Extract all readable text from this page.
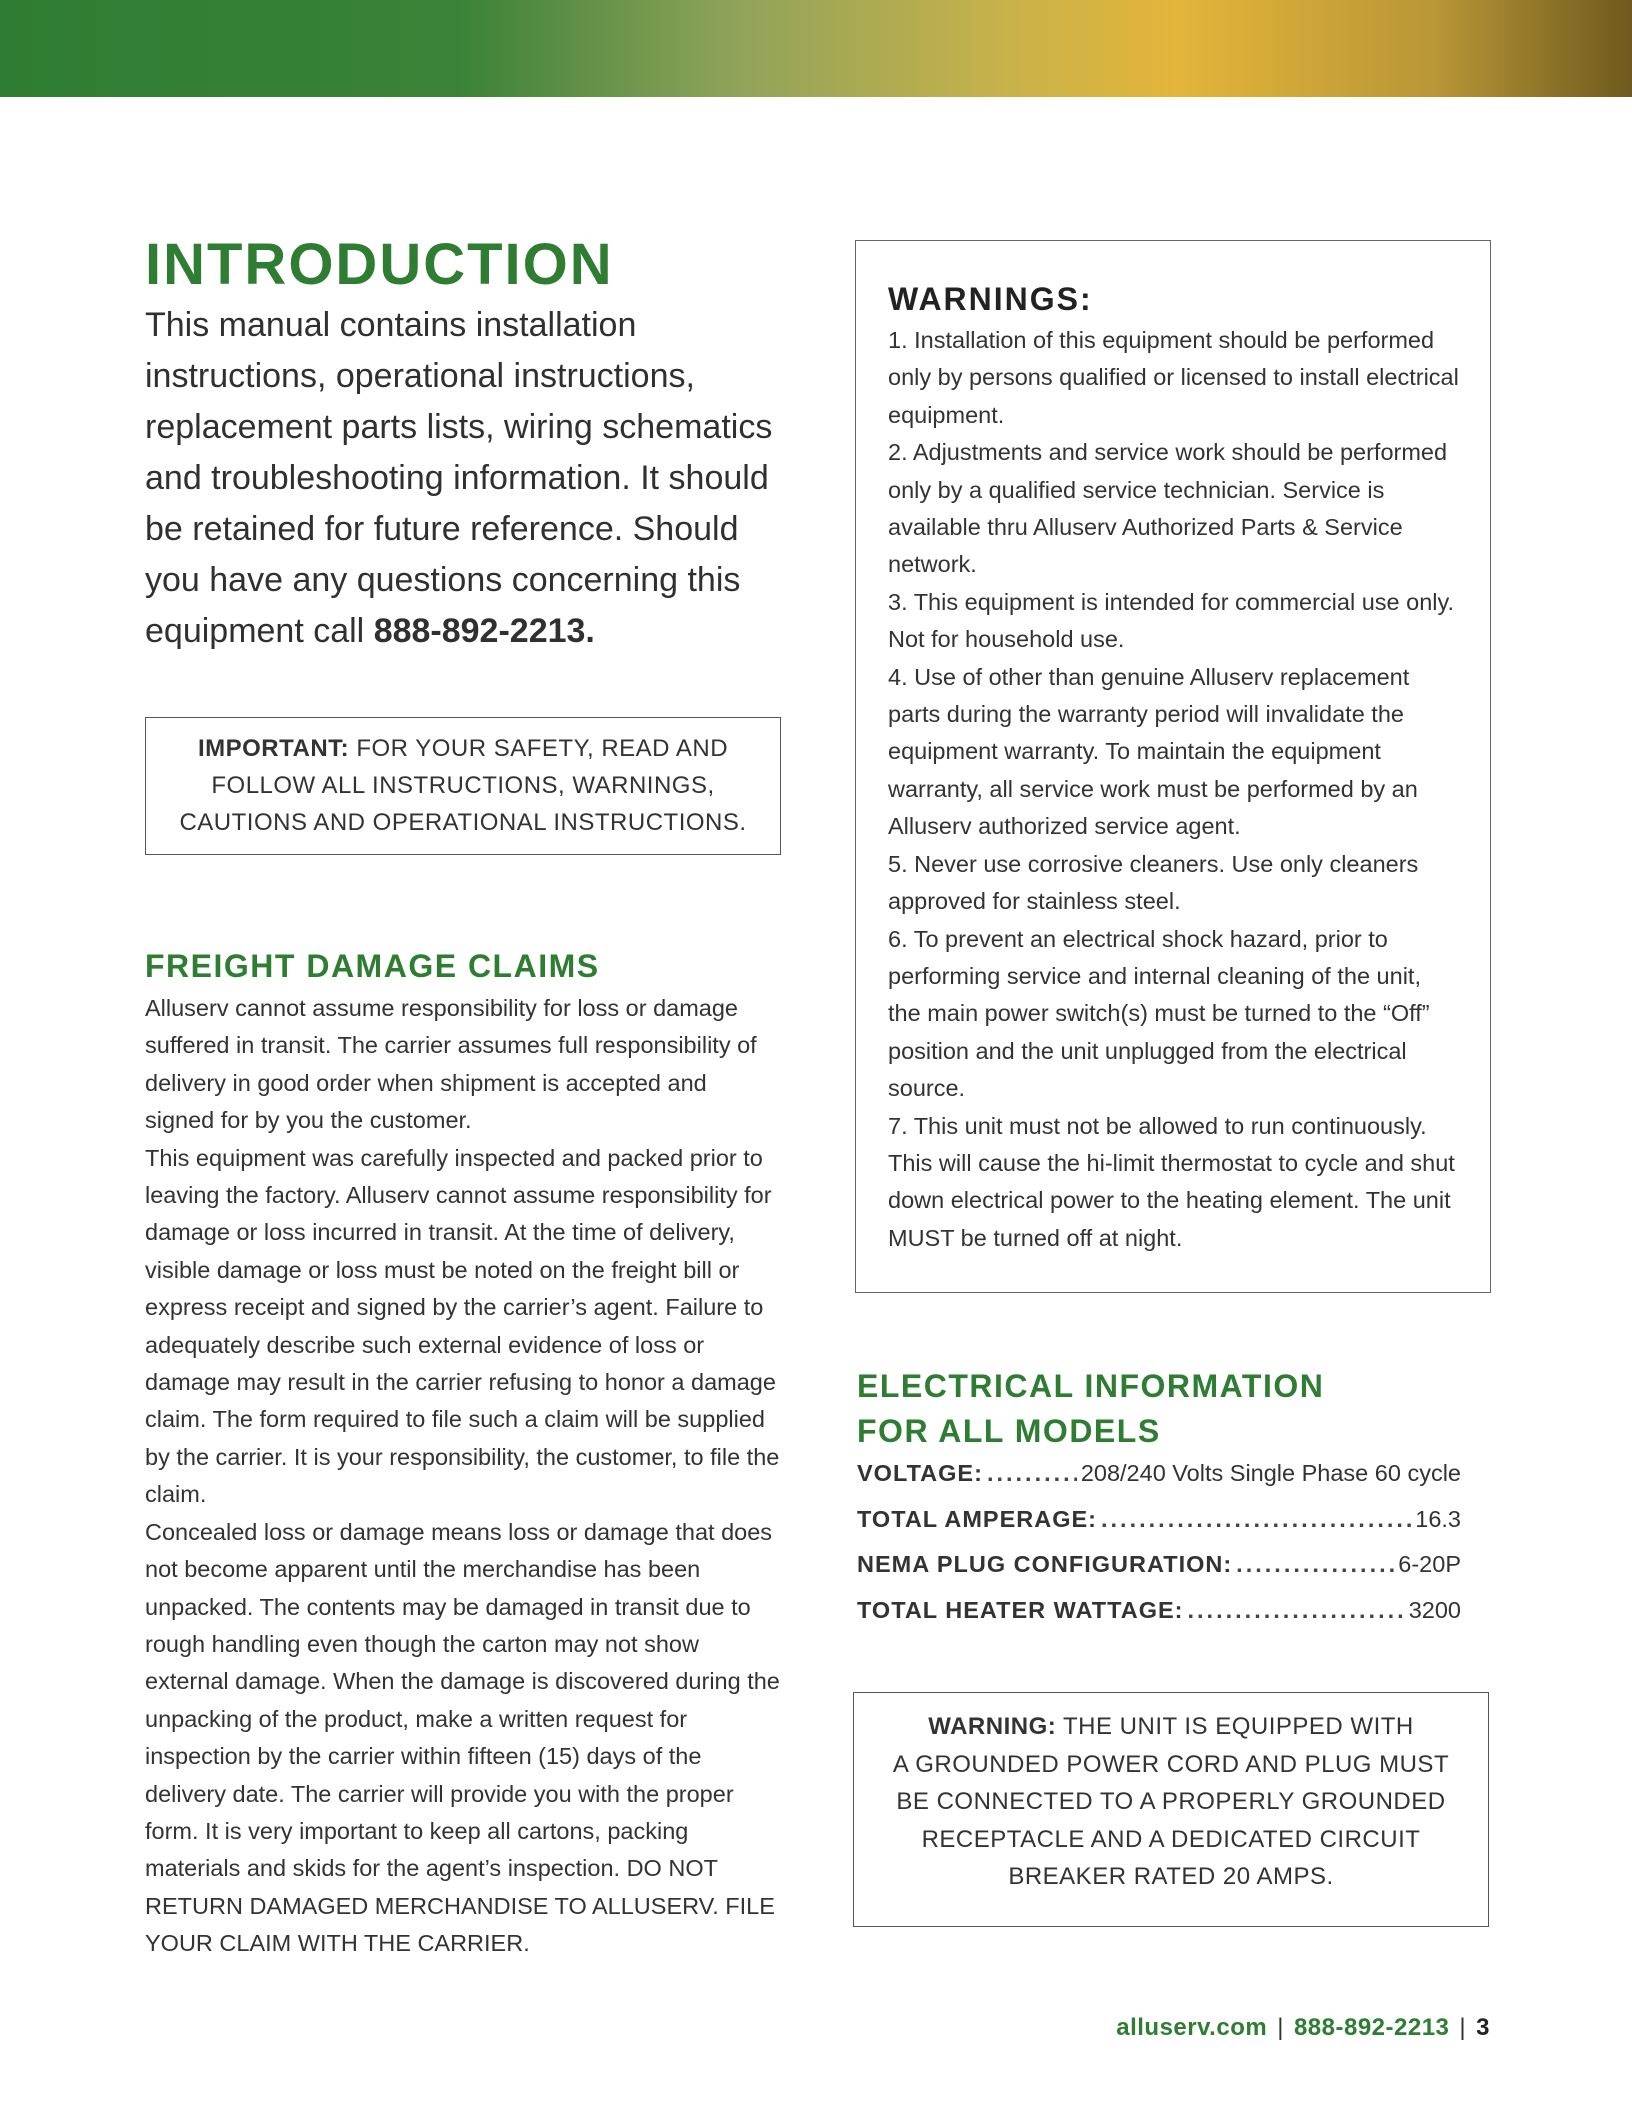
INTRODUCTION

This manual contains installation instructions, operational instructions, replacement parts lists, wiring schematics and troubleshooting information. It should be retained for future reference. Should you have any questions concerning this equipment call 888-892-2213.

IMPORTANT: FOR YOUR SAFETY, READ AND FOLLOW ALL INSTRUCTIONS, WARNINGS, CAUTIONS AND OPERATIONAL INSTRUCTIONS.
FREIGHT DAMAGE CLAIMS

Alluserv cannot assume responsibility for loss or damage suffered in transit. The carrier assumes full responsibility of delivery in good order when shipment is accepted and signed for by you the customer.

This equipment was carefully inspected and packed prior to leaving the factory. Alluserv cannot assume responsibility for damage or loss incurred in transit. At the time of delivery, visible damage or loss must be noted on the freight bill or express receipt and signed by the carrier’s agent. Failure to adequately describe such external evidence of loss or damage may result in the carrier refusing to honor a damage claim. The form required to file such a claim will be supplied by the carrier. It is your responsibility, the customer, to file the claim.

Concealed loss or damage means loss or damage that does not become apparent until the merchandise has been unpacked. The contents may be damaged in transit due to rough handling even though the carton may not show external damage. When the damage is discovered during the unpacking of the product, make a written request for inspection by the carrier within fifteen (15) days of the delivery date. The carrier will provide you with the proper form. It is very important to keep all cartons, packing materials and skids for the agent’s inspection. DO NOT RETURN DAMAGED MERCHANDISE TO ALLUSERV. FILE YOUR CLAIM WITH THE CARRIER.

WARNINGS:

1. Installation of this equipment should be performed only by persons qualified or licensed to install electrical equipment.

2. Adjustments and service work should be performed only by a qualified service technician. Service is available thru Alluserv Authorized Parts & Service network.

3. This equipment is intended for commercial use only. Not for household use.

4. Use of other than genuine Alluserv replacement parts during the warranty period will invalidate the equipment warranty. To maintain the equipment warranty, all service work must be performed by an Alluserv authorized service agent.

5. Never use corrosive cleaners. Use only cleaners approved for stainless steel.

6. To prevent an electrical shock hazard, prior to performing service and internal cleaning of the unit, the main power switch(s) must be turned to the “Off” position and the unit unplugged from the electrical source.

7. This unit must not be allowed to run continuously. This will cause the hi-limit thermostat to cycle and shut down electrical power to the heating element. The unit MUST be turned off at night.

ELECTRICAL INFORMATION
FOR ALL MODELS
VOLTAGE: .....	208/240 Volts Single Phase 60 cycle
TOTAL AMPERAGE: .....	16.3
NEMA PLUG CONFIGURATION: .....	6-20P
TOTAL HEATER WATTAGE: .....	3200
WARNING: THE UNIT IS EQUIPPED WITH
A GROUNDED POWER CORD AND PLUG MUST
BE CONNECTED TO A PROPERLY GROUNDED
RECEPTACLE AND A DEDICATED CIRCUIT
BREAKER RATED 20 AMPS.
alluserv.com | 888-892-2213 | 3
